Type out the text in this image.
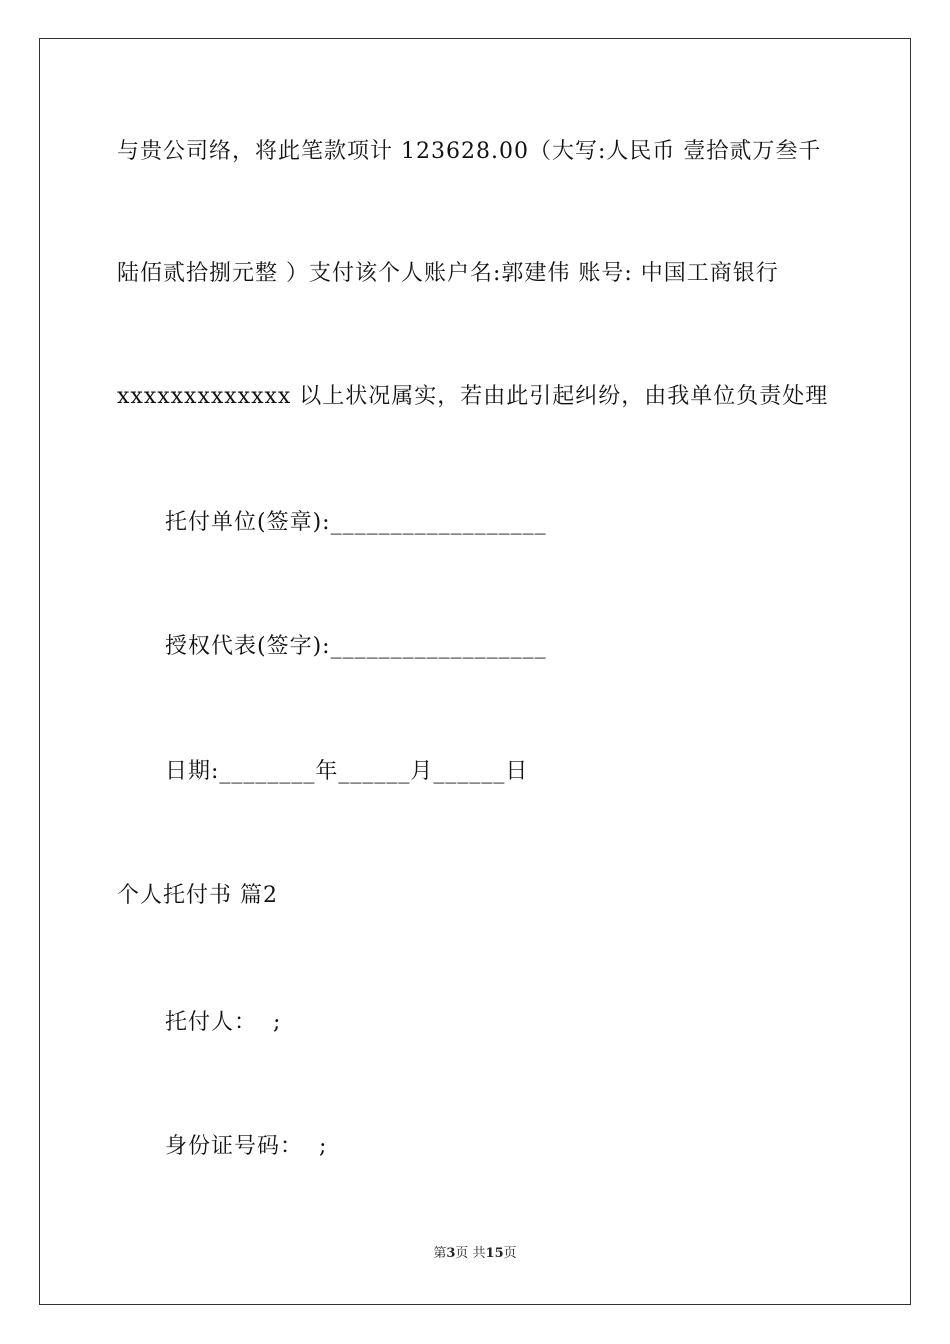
与贵公司络，将此笔款项计 123628.00（大写:人民币 壹拾贰万叁千
陆佰贰拾捌元整 ）支付该个人账户名:郭建伟 账号: 中国工商银行
xxxxxxxxxxxxx 以上状况属实，若由此引起纠纷，由我单位负责处理
托付单位(签章):__________________
授权代表(签字):__________________
日期:________年______月______日
个人托付书 篇2
托付人：  ;
身份证号码：  ;
第3页 共15页
